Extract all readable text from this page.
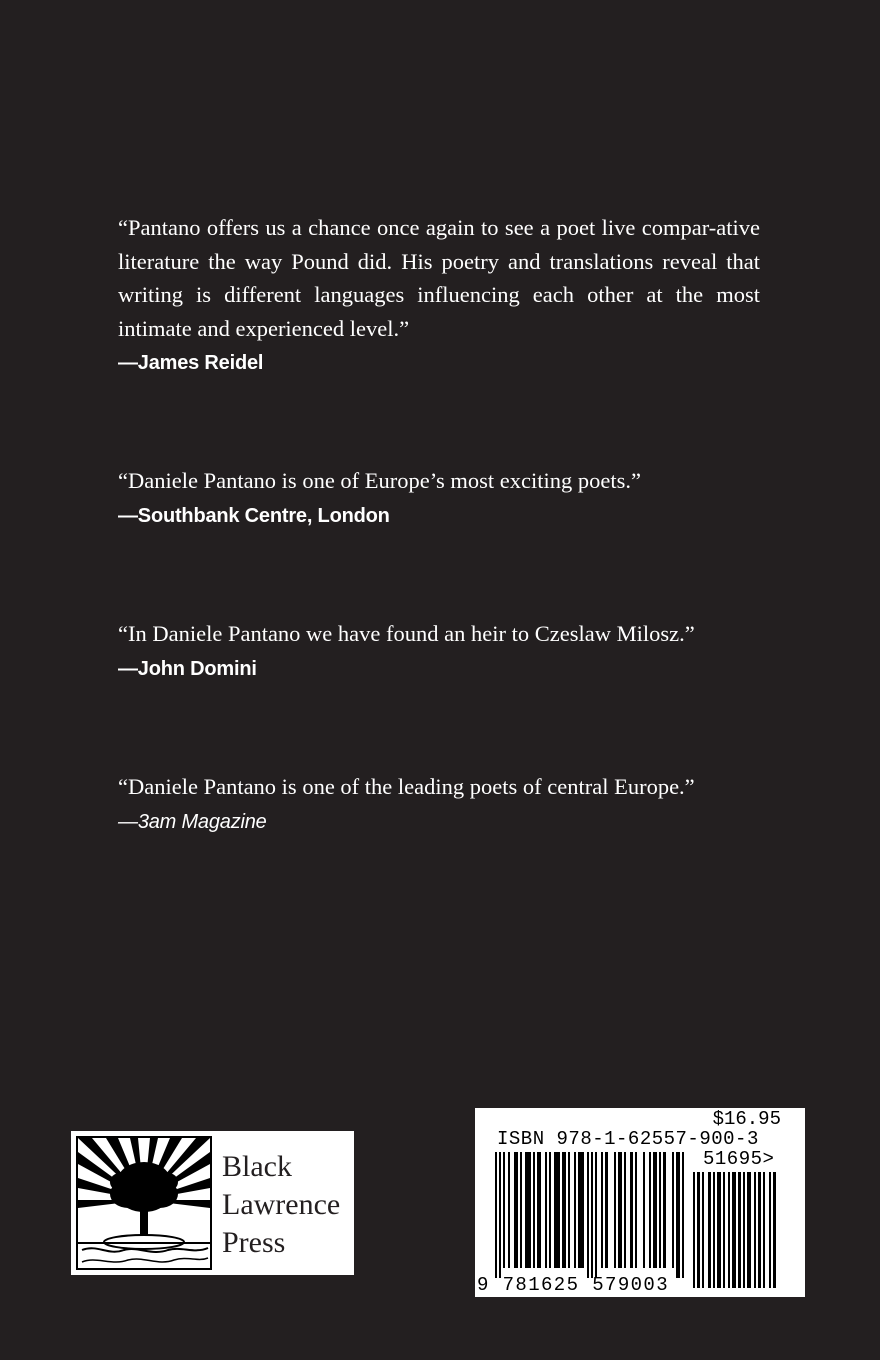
“Pantano offers us a chance once again to see a poet live compar-ative literature the way Pound did. His poetry and translations reveal that writing is different languages influencing each other at the most intimate and experienced level.”

—James Reidel

“Daniele Pantano is one of Europe’s most exciting poets.”

—Southbank Centre, London

“In Daniele Pantano we have found an heir to Czeslaw Milosz.”

—John Domini

“Daniele Pantano is one of the leading poets of central Europe.”

—3am Magazine
Black
Lawrence
Press
$16.95
ISBN 978-1-62557-900-3
51695>
9 781625 579003
